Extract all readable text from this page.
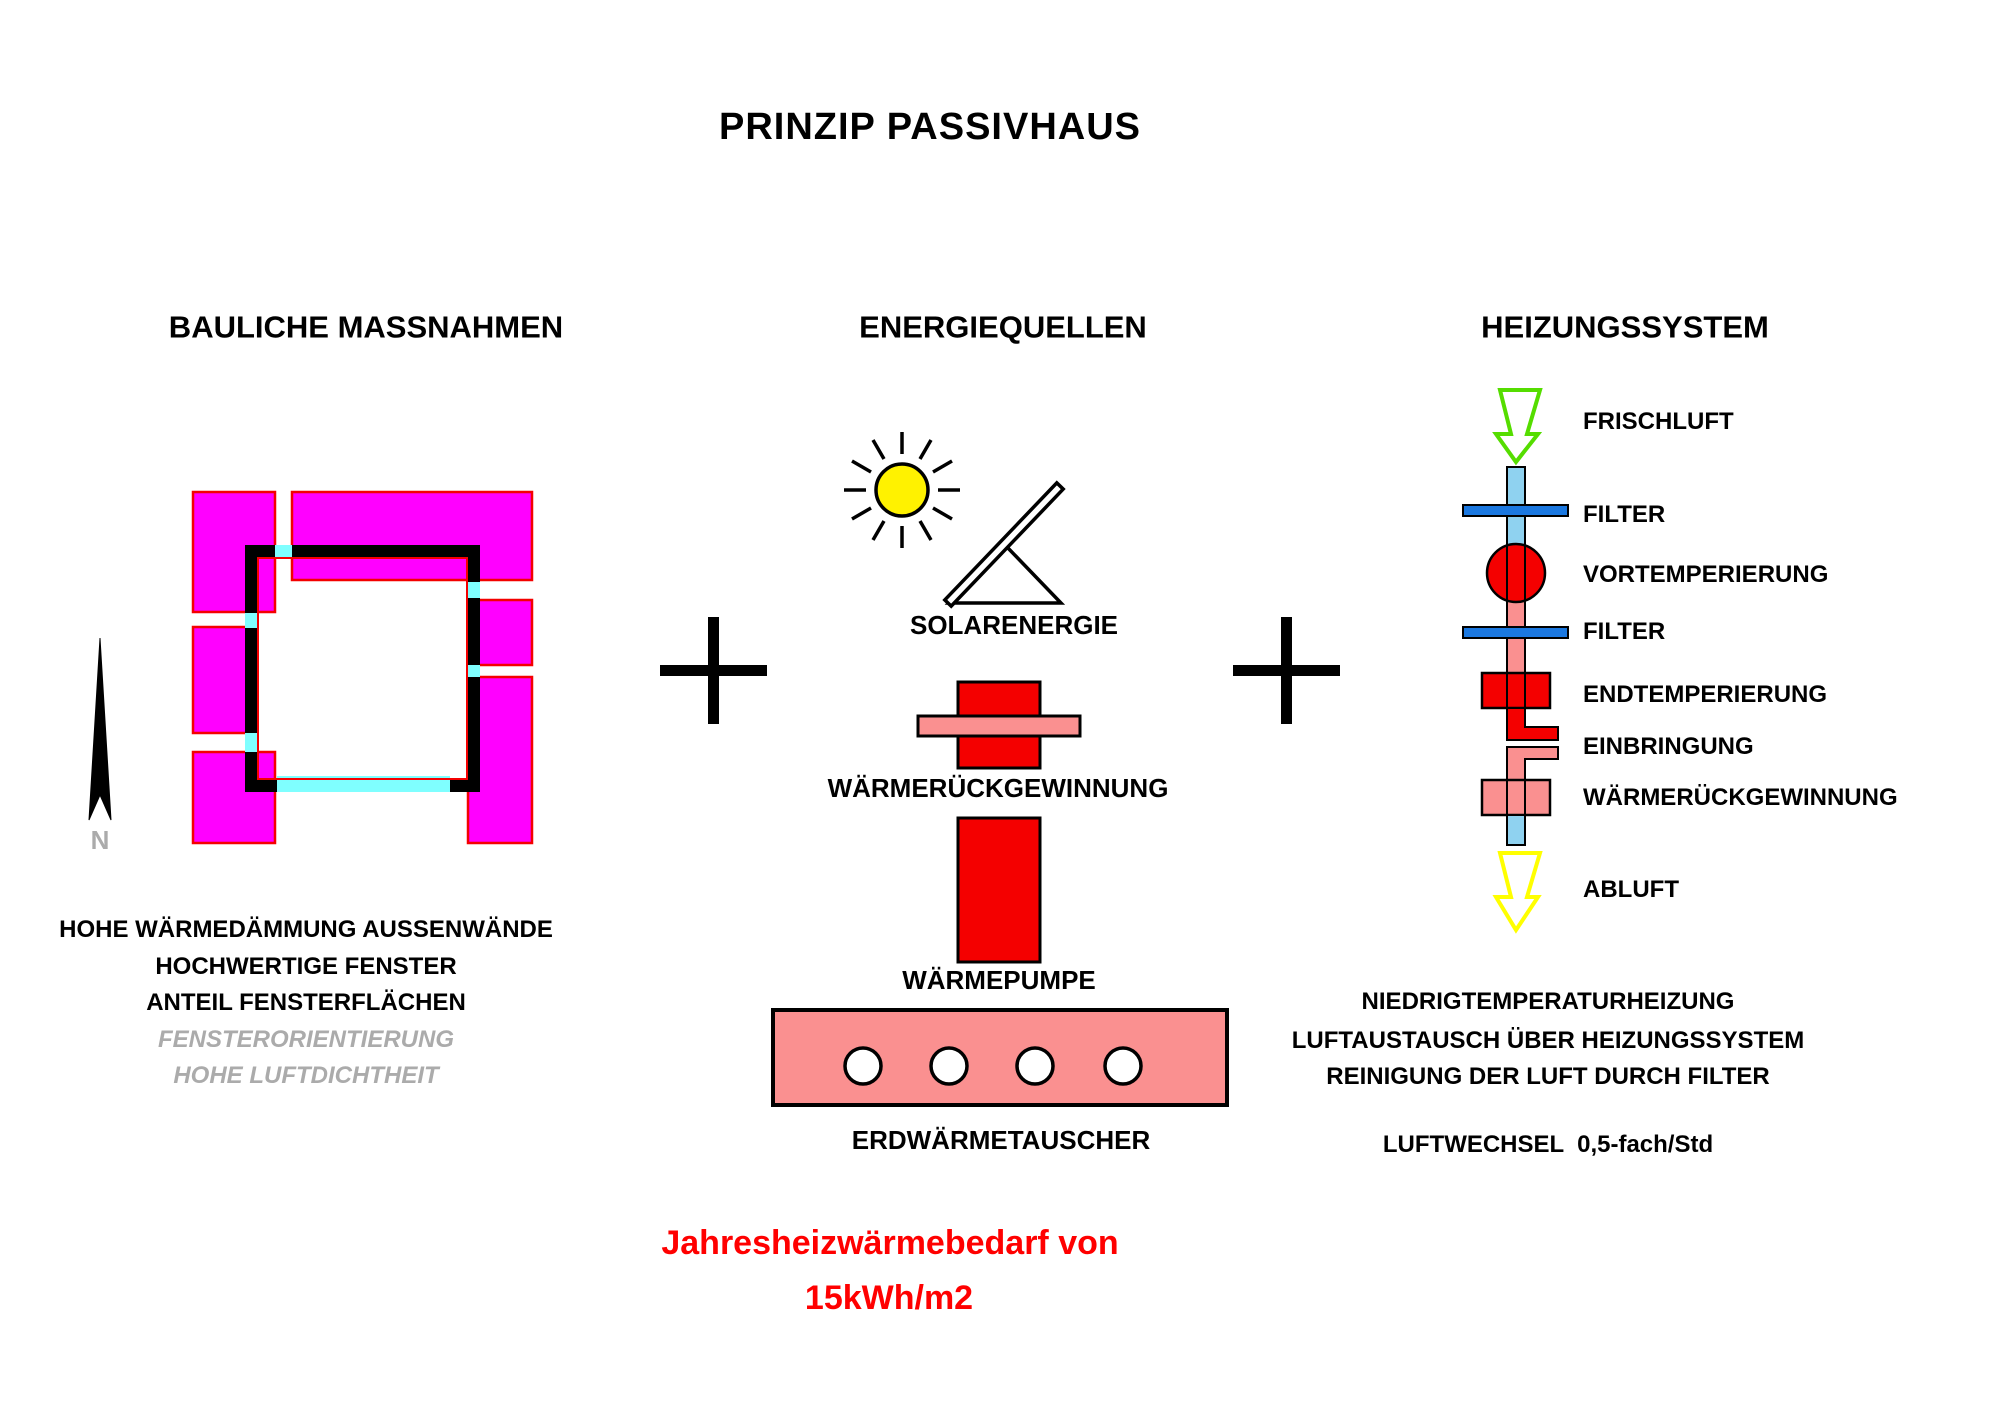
PRINZIP PASSIVHAUS
BAULICHE MASSNAHMEN	ENERGIEQUELLEN	HEIZUNGSSYSTEM
N
HOHE WÄRMEDÄMMUNG AUSSENWÄNDE
HOCHWERTIGE FENSTER
ANTEIL FENSTERFLÄCHEN
FENSTERORIENTIERUNG
HOHE LUFTDICHTHEIT
SOLARENERGIE
WÄRMERÜCKGEWINNUNG
WÄRMEPUMPE
ERDWÄRMETAUSCHER
FRISCHLUFT
FILTER
VORTEMPERIERUNG
FILTER
ENDTEMPERIERUNG
EINBRINGUNG
WÄRMERÜCKGEWINNUNG
ABLUFT
NIEDRIGTEMPERATURHEIZUNG
LUFTAUSTAUSCH ÜBER HEIZUNGSSYSTEM
REINIGUNG DER LUFT DURCH FILTER
LUFTWECHSEL  0,5-fach/Std
Jahresheizwärmebedarf von
15kWh/m2
